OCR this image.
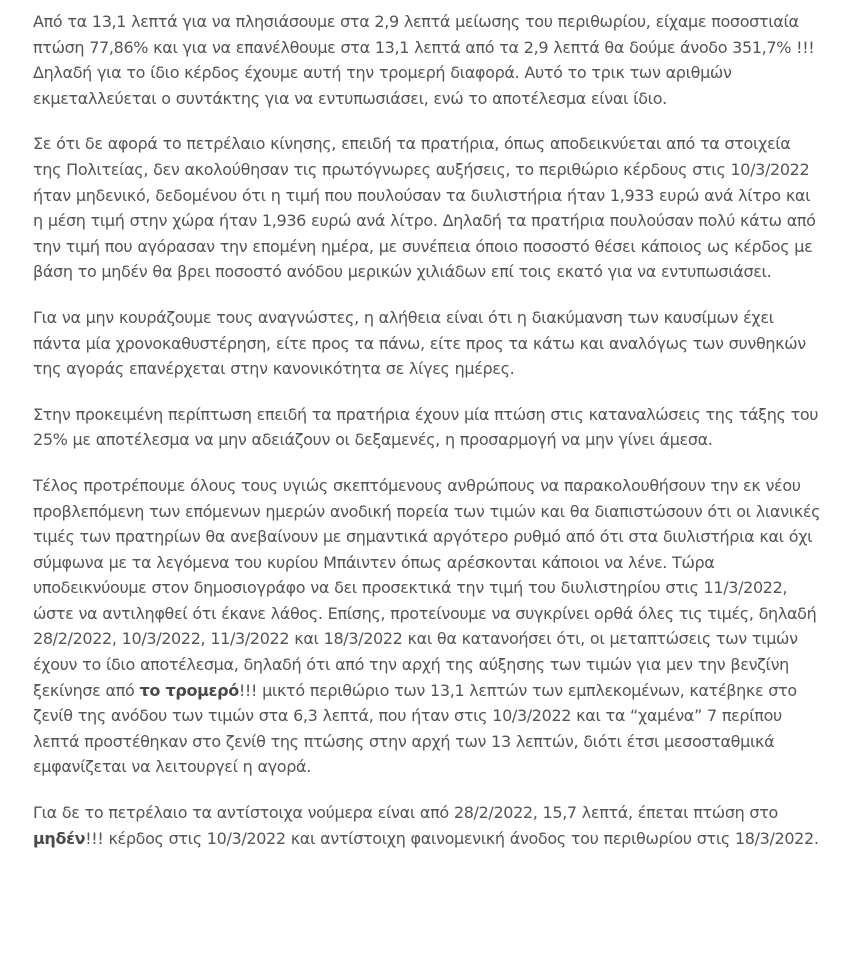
Από τα 13,1 λεπτά για να πλησιάσουμε στα 2,9 λεπτά μείωσης του περιθωρίου, είχαμε ποσοστιαία πτώση 77,86% και για να επανέλθουμε στα 13,1 λεπτά από τα 2,9 λεπτά θα δούμε άνοδο 351,7% !!!

Δηλαδή για το ίδιο κέρδος έχουμε αυτή την τρομερή διαφορά. Αυτό το τρικ των αριθμών εκμεταλλεύεται ο συντάκτης για να εντυπωσιάσει, ενώ το αποτέλεσμα είναι ίδιο.

Σε ότι δε αφορά το πετρέλαιο κίνησης, επειδή τα πρατήρια, όπως αποδεικνύεται από τα στοιχεία της Πολιτείας, δεν ακολούθησαν τις πρωτόγνωρες αυξήσεις, το περιθώριο κέρδους στις 10/3/2022 ήταν μηδενικό, δεδομένου ότι η τιμή που πουλούσαν τα διυλιστήρια ήταν 1,933 ευρώ ανά λίτρο και η μέση τιμή στην χώρα ήταν 1,936 ευρώ ανά λίτρο. Δηλαδή τα πρατήρια πουλούσαν πολύ κάτω από την τιμή που αγόρασαν την επομένη ημέρα, με συνέπεια όποιο ποσοστό θέσει κάποιος ως κέρδος με βάση το μηδέν θα βρει ποσοστό ανόδου μερικών χιλιάδων επί τοις εκατό για να εντυπωσιάσει.

Για να μην κουράζουμε τους αναγνώστες, η αλήθεια είναι ότι η διακύμανση των καυσίμων έχει πάντα μία χρονοκαθυστέρηση, είτε προς τα πάνω, είτε προς τα κάτω και αναλόγως των συνθηκών της αγοράς επανέρχεται στην κανονικότητα σε λίγες ημέρες.

Στην προκειμένη περίπτωση επειδή τα πρατήρια έχουν μία πτώση στις καταναλώσεις της τάξης του 25% με αποτέλεσμα να μην αδειάζουν οι δεξαμενές, η προσαρμογή να μην γίνει άμεσα.

Τέλος προτρέπουμε όλους τους υγιώς σκεπτόμενους ανθρώπους να παρακολουθήσουν την εκ νέου προβλεπόμενη των επόμενων ημερών ανοδική πορεία των τιμών και θα διαπιστώσουν ότι οι λιανικές τιμές των πρατηρίων θα ανεβαίνουν με σημαντικά αργότερο ρυθμό από ότι στα διυλιστήρια και όχι σύμφωνα με τα λεγόμενα του κυρίου Μπάιντεν όπως αρέσκονται κάποιοι να λένε. Τώρα υποδεικνύουμε στον δημοσιογράφο να δει προσεκτικά την τιμή του διυλιστηρίου στις 11/3/2022, ώστε να αντιληφθεί ότι έκανε λάθος. Επίσης, προτείνουμε να συγκρίνει ορθά όλες τις τιμές, δηλαδή 28/2/2022, 10/3/2022, 11/3/2022 και 18/3/2022 και θα κατανοήσει ότι, οι μεταπτώσεις των τιμών έχουν το ίδιο αποτέλεσμα, δηλαδή ότι από την αρχή της αύξησης των τιμών για μεν την βενζίνη ξεκίνησε από το τρομερό!!! μικτό περιθώριο των 13,1 λεπτών των εμπλεκομένων, κατέβηκε στο ζενίθ της ανόδου των τιμών στα 6,3 λεπτά, που ήταν στις 10/3/2022 και τα “χαμένα” 7 περίπου λεπτά προστέθηκαν στο ζενίθ της πτώσης στην αρχή των 13 λεπτών, διότι έτσι μεσοσταθμικά εμφανίζεται να λειτουργεί η αγορά.

Για δε το πετρέλαιο τα αντίστοιχα νούμερα είναι από 28/2/2022, 15,7 λεπτά, έπεται πτώση στο μηδέν!!! κέρδος στις 10/3/2022 και αντίστοιχη φαινομενική άνοδος του περιθωρίου στις 18/3/2022.
